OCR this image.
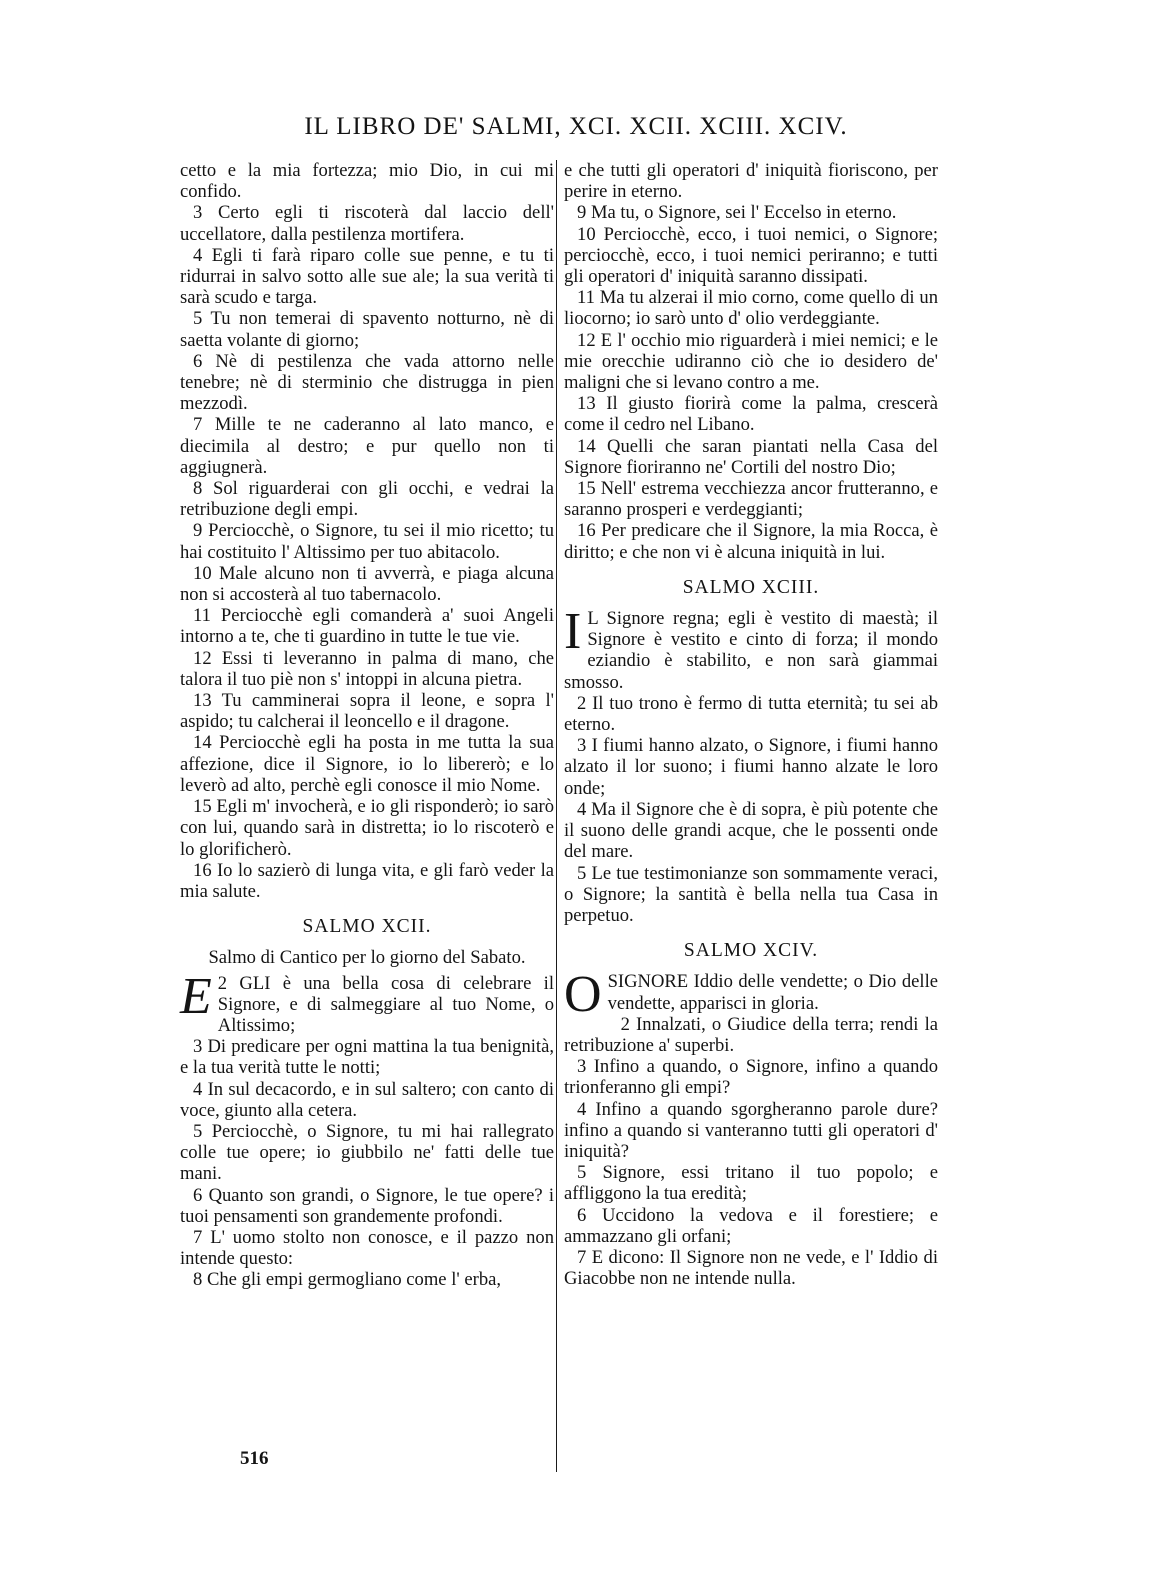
IL LIBRO DE' SALMI, XCI. XCII. XCIII. XCIV.

cetto e la mia fortezza; mio Dio, in cui mi confido.

3 Certo egli ti riscoterà dal laccio dell' uccellatore, dalla pestilenza mortifera.

4 Egli ti farà riparo colle sue penne, e tu ti ridurrai in salvo sotto alle sue ale; la sua verità ti sarà scudo e targa.

5 Tu non temerai di spavento notturno, nè di saetta volante di giorno;

6 Nè di pestilenza che vada attorno nelle tenebre; nè di sterminio che distrugga in pien mezzodì.

7 Mille te ne caderanno al lato manco, e diecimila al destro; e pur quello non ti aggiugnerà.

8 Sol riguarderai con gli occhi, e vedrai la retribuzione degli empi.

9 Perciocchè, o Signore, tu sei il mio ricetto; tu hai costituito l' Altissimo per tuo abitacolo.

10 Male alcuno non ti avverrà, e piaga alcuna non si accosterà al tuo tabernacolo.

11 Perciocchè egli comanderà a' suoi Angeli intorno a te, che ti guardino in tutte le tue vie.

12 Essi ti leveranno in palma di mano, che talora il tuo piè non s' intoppi in alcuna pietra.

13 Tu camminerai sopra il leone, e sopra l' aspido; tu calcherai il leoncello e il dragone.

14 Perciocchè egli ha posta in me tutta la sua affezione, dice il Signore, io lo libererò; e lo leverò ad alto, perchè egli conosce il mio Nome.

15 Egli m' invocherà, e io gli risponderò; io sarò con lui, quando sarà in distretta; io lo riscoterò e lo glorificherò.

16 Io lo sazierò di lunga vita, e gli farò veder la mia salute.

SALMO XCII.

Salmo di Cantico per lo giorno del Sabato.

2
E GLI è una bella cosa di celebrare il Signore, e di salmeggiare al tuo Nome, o Altissimo;

3 Di predicare per ogni mattina la tua benignità, e la tua verità tutte le notti;

4 In sul decacordo, e in sul saltero; con canto di voce, giunto alla cetera.

5 Perciocchè, o Signore, tu mi hai rallegrato colle tue opere; io giubbilo ne' fatti delle tue mani.

6 Quanto son grandi, o Signore, le tue opere? i tuoi pensamenti son grandemente profondi.

7 L' uomo stolto non conosce, e il pazzo non intende questo:

8 Che gli empi germogliano come l' erba,

e che tutti gli operatori d' iniquità fioriscono, per perire in eterno.

9 Ma tu, o Signore, sei l' Eccelso in eterno.

10 Perciocchè, ecco, i tuoi nemici, o Signore; perciocchè, ecco, i tuoi nemici periranno; e tutti gli operatori d' iniquità saranno dissipati.

11 Ma tu alzerai il mio corno, come quello di un liocorno; io sarò unto d' olio verdeggiante.

12 E l' occhio mio riguarderà i miei nemici; e le mie orecchie udiranno ciò che io desidero de' maligni che si levano contro a me.

13 Il giusto fiorirà come la palma, crescerà come il cedro nel Libano.

14 Quelli che saran piantati nella Casa del Signore fioriranno ne' Cortili del nostro Dio;

15 Nell' estrema vecchiezza ancor frutteranno, e saranno prosperi e verdeggianti;

16 Per predicare che il Signore, la mia Rocca, è diritto; e che non vi è alcuna iniquità in lui.

SALMO XCIII.

I L Signore regna; egli è vestito di maestà; il Signore è vestito e cinto di forza; il mondo eziandio è stabilito, e non sarà giammai smosso.

2 Il tuo trono è fermo di tutta eternità; tu sei ab eterno.

3 I fiumi hanno alzato, o Signore, i fiumi hanno alzato il lor suono; i fiumi hanno alzate le loro onde;

4 Ma il Signore che è di sopra, è più potente che il suono delle grandi acque, che le possenti onde del mare.

5 Le tue testimonianze son sommamente veraci, o Signore; la santità è bella nella tua Casa in perpetuo.

SALMO XCIV.

OSIGNORE Iddio delle vendette; o Dio delle vendette, apparisci in gloria.

2 Innalzati, o Giudice della terra; rendi la retribuzione a' superbi.

3 Infino a quando, o Signore, infino a quando trionferanno gli empi?

4 Infino a quando sgorgheranno parole dure? infino a quando si vanteranno tutti gli operatori d' iniquità?

5 Signore, essi tritano il tuo popolo; e affliggono la tua eredità;

6 Uccidono la vedova e il forestiere; e ammazzano gli orfani;

7 E dicono: Il Signore non ne vede, e l' Iddio di Giacobbe non ne intende nulla.

516
